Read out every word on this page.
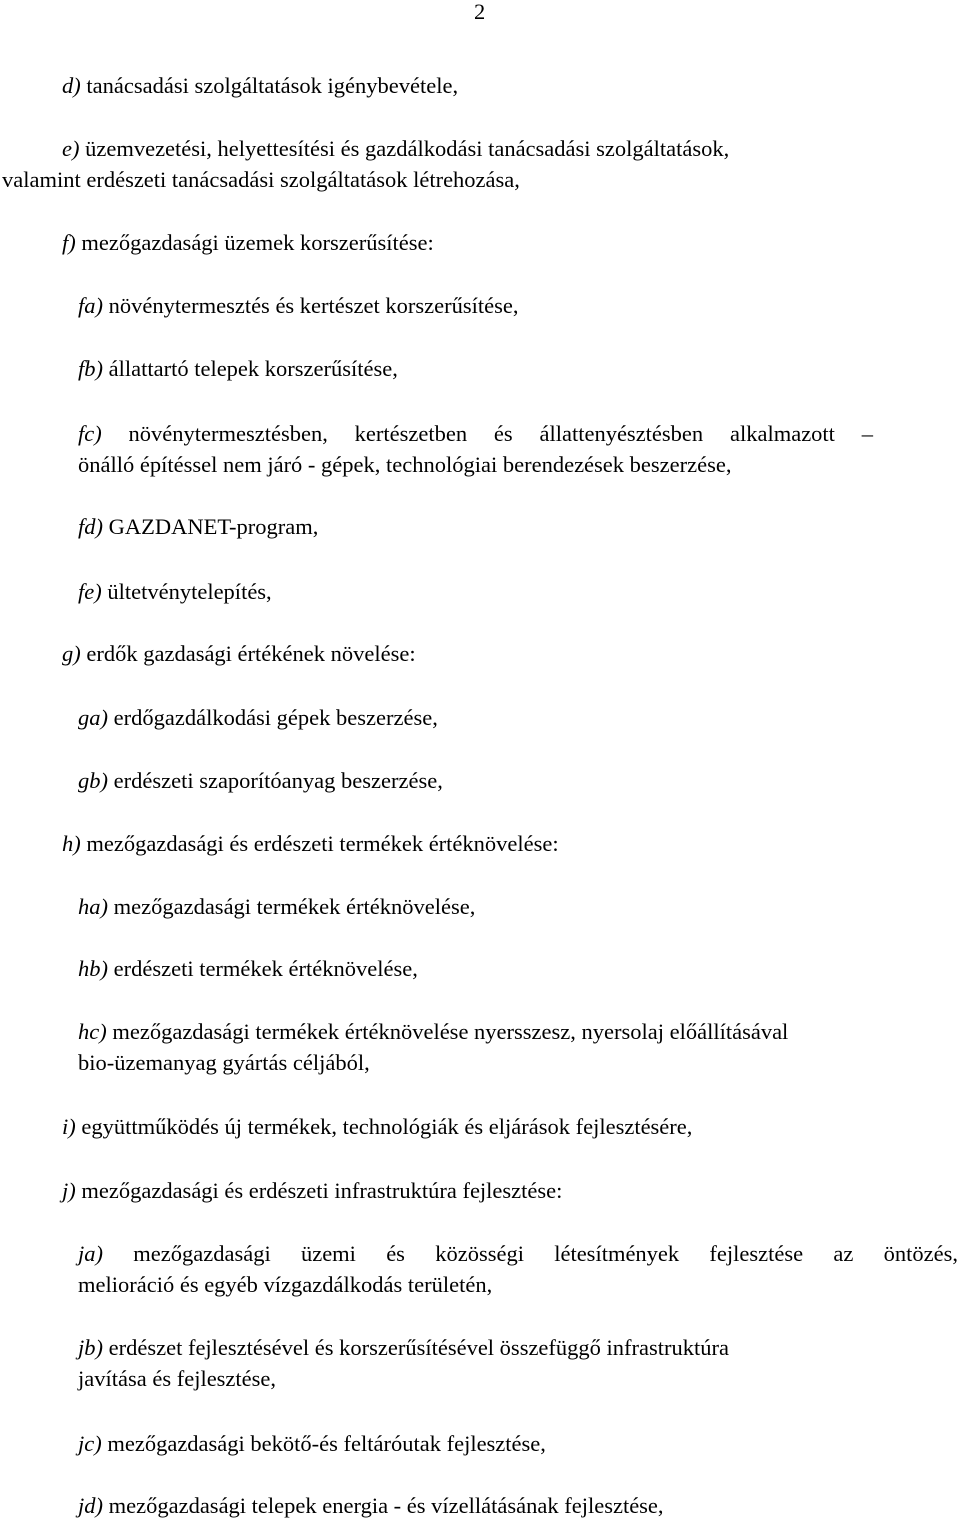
2

d) tanácsadási szolgáltatások igénybevétele,

e) üzemvezetési, helyettesítési és gazdálkodási tanácsadási szolgáltatások,
valamint erdészeti tanácsadási szolgáltatások létrehozása,

f) mezőgazdasági üzemek korszerűsítése:

fa) növénytermesztés és kertészet korszerűsítése,

fb) állattartó telepek korszerűsítése,

fc) növénytermesztésben, kertészetben és állattenyésztésben alkalmazott –
önálló építéssel nem járó - gépek, technológiai berendezések beszerzése,

fd) GAZDANET-program,

fe) ültetvénytelepítés,

g) erdők gazdasági értékének növelése:

ga) erdőgazdálkodási gépek beszerzése,

gb) erdészeti szaporítóanyag beszerzése,

h) mezőgazdasági és erdészeti termékek értéknövelése:

ha) mezőgazdasági termékek értéknövelése,

hb) erdészeti termékek értéknövelése,

hc) mezőgazdasági termékek értéknövelése nyersszesz, nyersolaj előállításával
bio-üzemanyag gyártás céljából,

i) együttműködés új termékek, technológiák és eljárások fejlesztésére,

j) mezőgazdasági és erdészeti infrastruktúra fejlesztése:

ja) mezőgazdasági üzemi és közösségi létesítmények fejlesztése az öntözés,
melioráció és egyéb vízgazdálkodás területén,

jb) erdészet fejlesztésével és korszerűsítésével összefüggő infrastruktúra
javítása és fejlesztése,

jc) mezőgazdasági bekötő-és feltáróutak fejlesztése,

jd) mezőgazdasági telepek energia - és vízellátásának fejlesztése,
